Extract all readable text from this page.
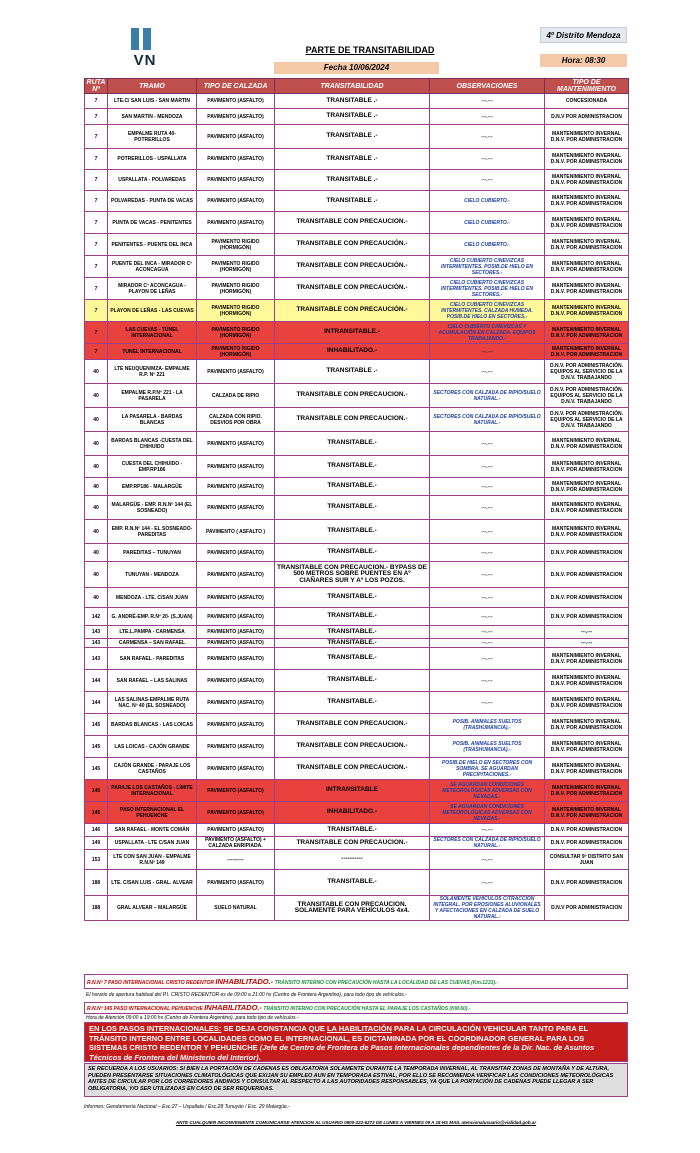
VN
PARTE DE TRANSITABILIDAD
4º Distrito Mendoza
Fecha 10/06/2024
Hora: 08:30
RUTA Nº	TRAMO	TIPO DE CALZADA	TRANSITABILIDAD	OBSERVACIONES	TIPO DE MANTENIMIENTO
7	LTE.C/ SAN LUIS - SAN MARTIN	PAVIMENTO (ASFALTO)	TRANSITABLE .-	---.---	CONCESIONADA
7	SAN MARTIN - MENDOZA	PAVIMENTO (ASFALTO)	TRANSITABLE .-	---.---	D.N.V POR ADMINISTRACION
7	EMPALME RUTA 40- POTRERILLOS	PAVIMENTO (ASFALTO)	TRANSITABLE .-	---.---	MANTENIMIENTO INVERNAL D.N.V. POR ADMINISTRACION
7	POTRERILLOS - USPALLATA	PAVIMENTO (ASFALTO)	TRANSITABLE .-	---.---	MANTENIMIENTO INVERNAL D.N.V. POR ADMINISTRACION
7	USPALLATA - POLVAREDAS	PAVIMENTO (ASFALTO)	TRANSITABLE .-	---.---	MANTENIMIENTO INVERNAL D.N.V. POR ADMINISTRACION
7	POLVAREDAS - PUNTA DE VACAS	PAVIMENTO (ASFALTO)	TRANSITABLE .-	CIELO CUBIERTO.-	MANTENIMIENTO INVERNAL D.N.V. POR ADMINISTRACION
7	PUNTA DE VACAS - PENITENTES	PAVIMENTO (ASFALTO)	TRANSITABLE CON PRECAUCION.-	CIELO CUBIERTO.-	MANTENIMIENTO INVERNAL D.N.V. POR ADMINISTRACION
7	PENITENTES - PUENTE DEL INCA	PAVIMENTO RIGIDO (HORMIGÓN)	TRANSITABLE CON PRECAUCIÓN.-	CIELO CUBIERTO.-	MANTENIMIENTO INVERNAL D.N.V. POR ADMINISTRACION
7	PUENTE DEL INCA - MIRADOR Cº ACONCAGUA	PAVIMENTO RIGIDO (HORMIGÓN)	TRANSITABLE CON PRECAUCIÓN.-	CIELO CUBIERTO C/NEVIZCAS INTERMITENTES. POSIB.DE HIELO EN SECTORES.-	MANTENIMIENTO INVERNAL D.N.V. POR ADMINISTRACION
7	MIRADOR Cº ACONCAGUA - PLAYON DE LEÑAS	PAVIMENTO RIGIDO (HORMIGÓN)	TRANSITABLE CON PRECAUCIÓN.-	CIELO CUBIERTO C/NEVIZCAS INTERMITENTES. POSIB.DE HIELO EN SECTORES.-	MANTENIMIENTO INVERNAL D.N.V. POR ADMINISTRACION
7	PLAYON DE LEÑAS - LAS CUEVAS	PAVIMENTO RIGIDO (HORMIGÓN)	TRANSITABLE CON PRECAUCIÓN.-	CIELO CUBIERTO C/NEVIZCAS INTERMITENTES. CALZADA HUMEDA. POSIB.DE HIELO EN SECTORES.-	MANTENIMIENTO INVERNAL D.N.V. POR ADMINISTRACION
7	LAS CUEVAS - TÚNEL INTERNACIONAL	PAVIMENTO RIGIDO (HORMIGÓN)	INTRANSITABLE.-	CIELO CUBIERTO C/NEVIZCAS Y ACUMULACIÓN EN CALZADA. EQUIPOS TRABAJANDO.-	MANTENIMIENTO INVERNAL D.N.V. POR ADMINISTRACION
7	TUNEL INTERNACIONAL	PAVIMENTO RIGIDO (HORMIGÓN)	INHABILITADO.-	---.---	MANTENIMIENTO INVERNAL D.N.V. POR ADMINISTRACION
40	LTE NEUQUEN/MZA- EMPALME R.P. Nº 221	PAVIMENTO (ASFALTO)	TRANSITABLE .-	---.---	D.N.V. POR ADMINISTRACIÓN. EQUIPOS AL SERVICIO DE LA D.N.V. TRABAJANDO
40	EMPALME R.P.Nº 221 - LA PASARELA	CALZADA DE RIPIO	TRANSITABLE CON PRECAUCION.-	SECTORES CON CALZADA DE RIPIO/SUELO NATURAL.-	D.N.V. POR ADMINISTRACIÓN. EQUIPOS AL SERVICIO DE LA D.N.V. TRABAJANDO
40	LA PASARELA - BARDAS BLANCAS	CALZADA CON RIPIO. DESVIOS POR OBRA	TRANSITABLE CON PRECAUCION.-	SECTORES CON CALZADA DE RIPIO/SUELO NATURAL.-	D.N.V. POR ADMINISTRACIÓN. EQUIPOS AL SERVICIO DE LA D.N.V. TRABAJANDO
40	BARDAS BLANCAS -CUESTA DEL CHIHUIDO	PAVIMENTO (ASFALTO)	TRANSITABLE.-	---.---	MANTENIMIENTO INVERNAL D.N.V. POR ADMINISTRACION
40	CUESTA DEL CHIHUIDO - EMP.RP186	PAVIMENTO (ASFALTO)	TRANSITABLE.-	---.---	MANTENIMIENTO INVERNAL D.N.V. POR ADMINISTRACION
40	EMP.RP186 - MALARGÜE	PAVIMENTO (ASFALTO)	TRANSITABLE.-	---.---	MANTENIMIENTO INVERNAL D.N.V. POR ADMINISTRACION
40	MALARGÜE - EMP. R.N.Nº 144 (EL SOSNEADO)	PAVIMENTO (ASFALTO)	TRANSITABLE.-	---.---	MANTENIMIENTO INVERNAL D.N.V. POR ADMINISTRACION
40	EMP. R.N.Nº 144 - EL SOSNEADO- PAREDITAS	PAVIMENTO ( ASFALTO )	TRANSITABLE.-	---.---	MANTENIMIENTO INVERNAL D.N.V. POR ADMINISTRACION
40	PAREDITAS – TUNUYAN	PAVIMENTO (ASFALTO)	TRANSITABLE.-	---.---	D.N.V. POR ADMINISTRACION
40	TUNUYAN - MENDOZA	PAVIMENTO (ASFALTO)	TRANSITABLE CON PRECAUCION.- BYPASS DE 500 METROS SOBRE PUENTES EN Aº CIAÑARES SUR Y Aº LOS POZOS.	---.---	D.N.V. POR ADMINISTRACION
40	MENDOZA - LTE. C/SAN JUAN	PAVIMENTO (ASFALTO)	TRANSITABLE.-	---.---	D.N.V. POR ADMINISTRACION
142	G. ANDRÉ-EMP. R.Nº 20- (S.JUAN)	PAVIMENTO (ASFALTO)	TRANSITABLE.-	---.---	D.N.V. POR ADMINISTRACION
143	LTE.L.PAMPA - CARMENSA	PAVIMENTO (ASFALTO)	TRANSITABLE.-	---.---	---.---
143	CARMENSA – SAN RAFAEL	PAVIMENTO (ASFALTO)	TRANSITABLE.-	---.---	---.---
143	SAN RAFAEL - PAREDITAS	PAVIMENTO (ASFALTO)	TRANSITABLE.-	---.---	MANTENIMIENTO INVERNAL D.N.V. POR ADMINISTRACION
144	SAN RAFAEL – LAS SALINAS	PAVIMENTO (ASFALTO)	TRANSITABLE.-	---.---	MANTENIMIENTO INVERNAL D.N.V. POR ADMINISTRACION
144	LAS SALINAS-EMPALME RUTA NAC. Nº 40 (EL SOSNEADO)	PAVIMENTO (ASFALTO)	TRANSITABLE.-	---.---	MANTENIMIENTO INVERNAL D.N.V. POR ADMINISTRACION
145	BARDAS BLANCAS - LAS LOICAS	PAVIMENTO (ASFALTO)	TRANSITABLE CON PRECAUCION.-	POSIB. ANIMALES SUELTOS (TRASHUMANCIA).-	MANTENIMIENTO INVERNAL D.N.V. POR ADMINISTRACION
145	LAS LOICAS - CAJÓN GRANDE	PAVIMENTO (ASFALTO)	TRANSITABLE CON PRECAUCION.-	POSIB. ANIMALES SUELTOS (TRASHUMANCIA).-	MANTENIMIENTO INVERNAL D.N.V. POR ADMINISTRACION
145	CAJÓN GRANDE - PARAJE LOS CASTAÑOS	PAVIMENTO (ASFALTO)	TRANSITABLE CON PRECAUCION.-	POSIB.DE HIELO EN SECTORES CON SOMBRA. SE AGUARDAN PRECIPITACIONES.-	MANTENIMIENTO INVERNAL D.N.V. POR ADMINISTRACION
145	PARAJE LOS CASTAÑOS - LÍMITE INTERNACIONAL	PAVIMENTO (ASFALTO)	INTRANSITABLE	SE AGUARDAN CONDICIONES METEOROLÓGICAS ADVERSAS CON NEVADAS.-	MANTENIMIENTO INVERNAL D.N.V. POR ADMINISTRACION
145	PASO INTERNACIONAL EL PEHUENCHE	PAVIMENTO (ASFALTO)	INHABILITADO.-	SE AGUARDAN CONDICIONES METEOROLÓGICAS ADVERSAS CON NEVADAS.-	MANTENIMIENTO INVERNAL D.N.V. POR ADMINISTRACION
146	SAN RAFAEL - MONTE COMÁN	PAVIMENTO (ASFALTO)	TRANSITABLE.-	---.---	D.N.V. POR ADMINISTRACION
149	USPALLATA - LTE C/SAN JUAN	PAVIMENTO (ASFALTO) + CALZADA ENRIPIADA.	TRANSITABLE CON PRECAUCION.-	SECTORES CON CALZADA DE RIPIO/SUELO NATURAL.-	D.N.V. POR ADMINISTRACION
153	LTE CON SAN JUAN - EMPALME R.N.Nº 149	----------	----------	---.---	CONSULTAR 9º DISTRITO SAN JUAN
188	LTE. C/SAN LUIS - GRAL. ALVEAR	PAVIMENTO (ASFALTO)	TRANSITABLE.-	---.---	D.N.V. POR ADMINISTRACION
188	GRAL ALVEAR – MALARGÜE	SUELO NATURAL	TRANSITABLE CON PRECAUCION. SOLAMENTE PARA VEHÍCULOS 4x4.	SOLAMENTE VEHÍCULOS C/TRACCIÓN INTEGRAL. POR EROSIONES ALUVIONALES Y AFECTACIONES EN CALZADA DE SUELO NATURAL.-	D.N.V POR ADMINISTRACION
R.N.Nº 7 PASO INTERNACIONAL CRISTO REDENTOR INHABILITADO.- TRÁNSITO INTERNO CON PRECAUCIÓN HASTA LA LOCALIDAD DE LAS CUEVAS (Km.1233).-
El horario de apertura habitual del P.I. CRISTO REDENTOR es de 09:00 a 21:00 hs (Centro de Frontera Argentino), para todo tipo de vehículos.-
R.N.Nº 145 PASO INTERNACIONAL PEHUENCHE INHABILITADO.- TRÁNSITO INTERNO CON PRECAUCIÓN HASTA EL PARAJE LOS CASTAÑOS (KM.60).-
Hora de Atención 09:00 a 19:00 hs (Centro de Frontera Argentino), para todo tipo de vehículos.-
EN LOS PASOS INTERNACIONALES: SE DEJA CONSTANCIA QUE LA HABILITACIÓN PARA LA CIRCULACIÓN VEHICULAR TANTO PARA EL TRÁNSITO INTERNO ENTRE LOCALIDADES COMO EL INTERNACIONAL, ES DICTAMINADA POR EL COORDINADOR GENERAL PARA LOS SISTEMAS CRISTO REDENTOR Y PEHUENCHE (Jefe de Centro de Frontera de Pasos Internacionales dependientes de la Dir. Nac. de Asuntos Técnicos de Frontera del Ministerio del Interior).
SE RECUERDA A LOS USUARIOS: SI BIEN LA PORTACIÓN DE CADENAS ES OBLIGATORIA SOLAMENTE DURANTE LA TEMPORADA INVERNAL, AL TRANSITAR ZONAS DE MONTAÑA Y DE ALTURA, PUEDEN PRESENTARSE SITUACIONES CLIMATOLÓGICAS QUE EXIJAN SU EMPLEO AUN EN TEMPORADA ESTIVAL, POR ELLO SE RECOMIENDA VERIFICAR LAS CONDICIONES METEOROLÓGICAS ANTES DE CIRCULAR POR LOS CORREDORES ANDINOS Y CONSULTAR AL RESPECTO A LAS AUTORIDADES RESPONSABLES, YA QUE LA PORTACIÓN DE CADENAS PUEDE LLEGAR A SER OBLIGATORIA, Y/O SER UTILIZADAS EN CASO DE SER REQUERIDAS.
Informes: Gendarmería Nacional – Esc.27 – Uspallata / Esc.28 Tunuyán / Esc. 29 Malargüe.-
ANTE CUALQUIER INCONVENIENTE COMUNICARSE ATENCION AL USUARIO 0800-222-6272 DE LUNES A VIERNES 09 A 18 HS MAIL atencionalusuario@vialidad.gob.ar
